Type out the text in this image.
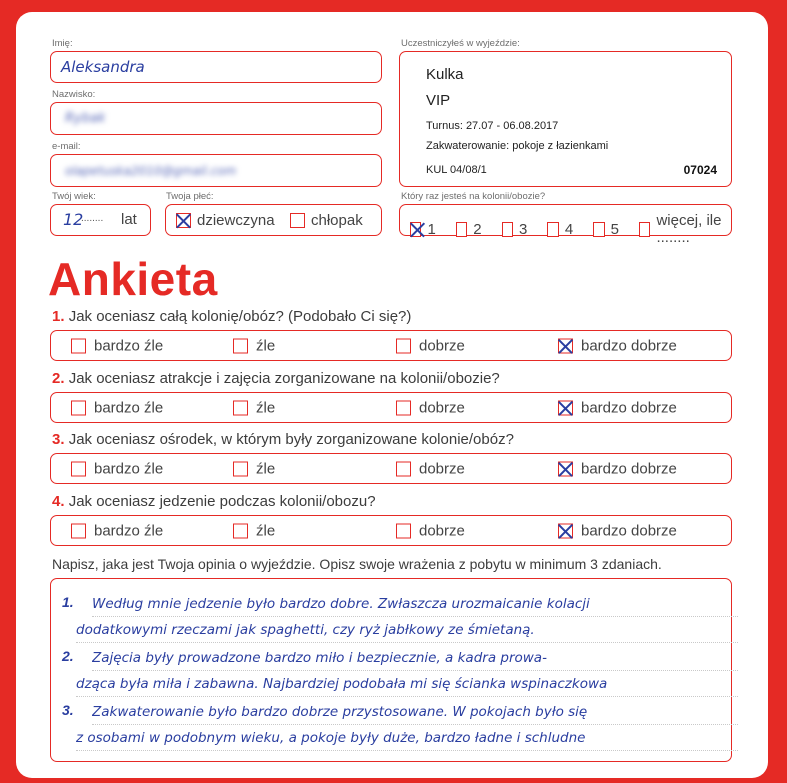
Imię:
Aleksandra
Nazwisko:
Rybak
e-mail:
olapetuska2010@gmail.com
Twój wiek:
12
........ lat
Twoja płeć:
dziewczyna chłopak
Uczestniczyłeś w wyjeździe:
Kulka
VIP
Turnus: 27.07 - 06.08.2017
Zakwaterowanie: pokoje z łazienkami
KUL 04/08/1	07024
Który raz jesteś na kolonii/obozie?
1 2 3 4 5 więcej, ile ........
Ankieta
1. Jak oceniasz całą kolonię/obóz? (Podobało Ci się?)
bardzo źle	źle	dobrze	bardzo dobrze
2. Jak oceniasz atrakcje i zajęcia zorganizowane na kolonii/obozie?
bardzo źle	źle	dobrze	bardzo dobrze
3. Jak oceniasz ośrodek, w którym były zorganizowane kolonie/obóz?
bardzo źle	źle	dobrze	bardzo dobrze
4. Jak oceniasz jedzenie podczas kolonii/obozu?
bardzo źle	źle	dobrze	bardzo dobrze
Napisz, jaka jest Twoja opinia o wyjeździe. Opisz swoje wrażenia z pobytu w minimum 3 zdaniach.
1. Według mnie jedzenie było bardzo dobre. Zwłaszcza urozmaicanie kolacji
dodatkowymi rzeczami jak spaghetti, czy ryż jabłkowy ze śmietaną.
2. Zajęcia były prowadzone bardzo miło i bezpiecznie, a kadra prowa-
dząca była miła i zabawna. Najbardziej podobała mi się ścianka wspinaczkowa
3. Zakwaterowanie było bardzo dobrze przystosowane. W pokojach było się
z osobami w podobnym wieku, a pokoje były duże, bardzo ładne i schludne
